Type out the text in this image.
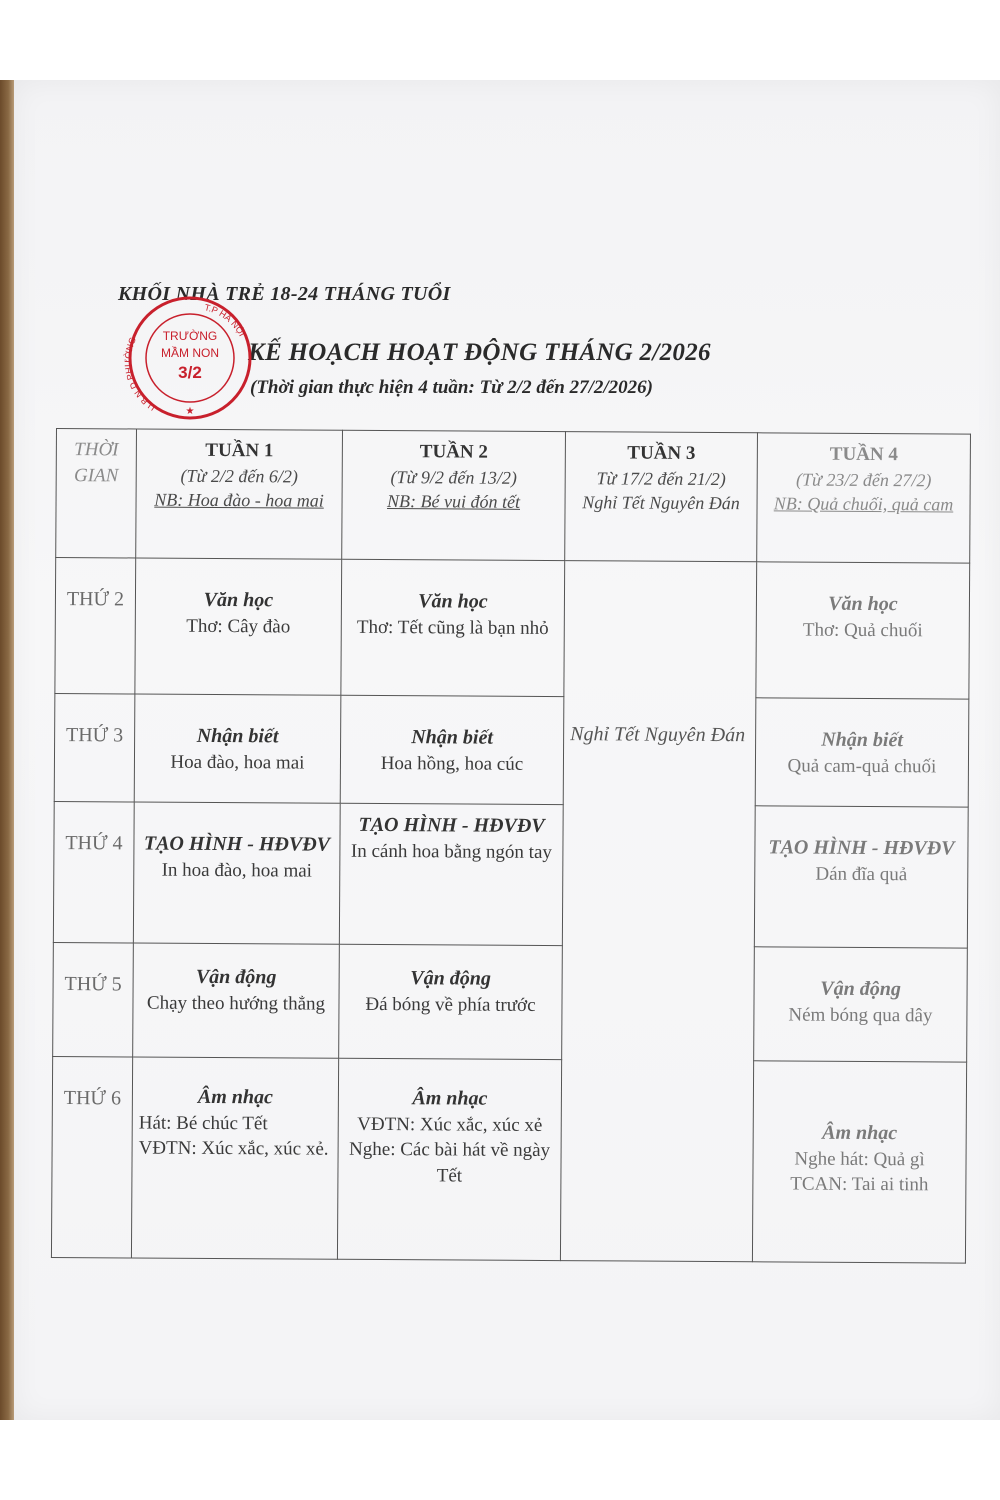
KHỐI NHÀ TRẺ 18-24 THÁNG TUỔI
KẾ HOẠCH HOẠT ĐỘNG THÁNG 2/2026
(Thời gian thực hiện 4 tuần: Từ 2/2 đến 27/2/2026)
U.B.N.D PHƯỜNG
T.P HÀ NỘI
TRƯỜNG
MẦM NON
3/2
★
THỜI GIAN	TUẦN 1
(Từ 2/2 đến 6/2)
NB: Hoa đào - hoa mai	TUẦN 2
(Từ 9/2 đến 13/2)
NB: Bé vui đón tết	TUẦN 3
Từ 17/2 đến 21/2)
Nghỉ Tết Nguyên Đán	TUẦN 4
(Từ 23/2 đến 27/2)
NB: Quả chuối, quả cam

THỨ 2	Văn học
Thơ: Cây đào	Văn học
Thơ: Tết cũng là bạn nhỏ	Nghỉ Tết Nguyên Đán	Văn học
Thơ: Quả chuối

THỨ 3	Nhận biết
Hoa đào, hoa mai	Nhận biết
Hoa hồng, hoa cúc		Nhận biết
Quả cam-quả chuối

THỨ 4	TẠO HÌNH - HĐVĐV
In hoa đào, hoa mai	TẠO HÌNH - HĐVĐV
In cánh hoa bằng ngón tay		TẠO HÌNH - HĐVĐV
Dán đĩa quả

THỨ 5	Vận động
Chạy theo hướng thẳng	Vận động
Đá bóng về phía trước		Vận động
Ném bóng qua dây

THỨ 6	Âm nhạc
Hát: Bé chúc Tết
VĐTN: Xúc xắc, xúc xẻ.	Âm nhạc
VĐTN: Xúc xắc, xúc xẻ
Nghe: Các bài hát về ngày Tết		Âm nhạc
Nghe hát: Quả gì
TCAN: Tai ai tinh
